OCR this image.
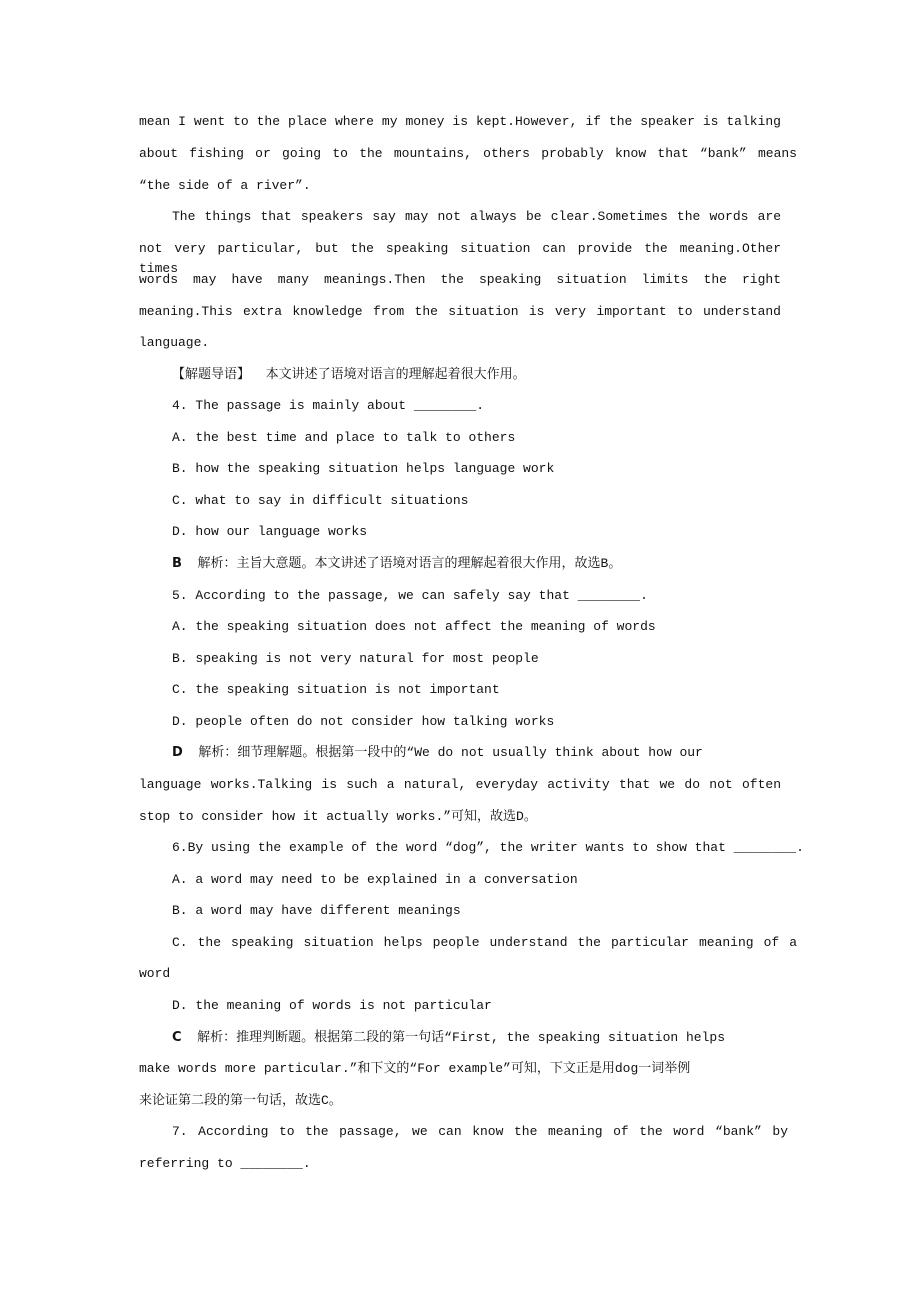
mean I went to the place where my money is kept.However, if the speaker is talking
about fishing or going to the mountains, others probably know that “bank” means
“the side of a river”.
The things that speakers say may not always be clear.Sometimes the words are
not very particular, but the speaking situation can provide the meaning.Other times
words may have many meanings.Then the speaking situation limits the right
meaning.This extra knowledge from the situation is very important to understand
language.
【解题导语】 本文讲述了语境对语言的理解起着很大作用。
4. The passage is mainly about ________.
A. the best time and place to talk to others
B. how the speaking situation helps language work
C. what to say in difficult situations
D. how our language works
B 解析：主旨大意题。本文讲述了语境对语言的理解起着很大作用，故选B。
5. According to the passage, we can safely say that ________.
A. the speaking situation does not affect the meaning of words
B. speaking is not very natural for most people
C. the speaking situation is not important
D. people often do not consider how talking works
D 解析：细节理解题。根据第一段中的“We do not usually think about how our
language works.Talking is such a natural, everyday activity that we do not often
stop to consider how it actually works.”可知，故选D。
6.By using the example of the word “dog”, the writer wants to show that ________.
A. a word may need to be explained in a conversation
B. a word may have different meanings
C. the speaking situation helps people understand the particular meaning of a
word
D. the meaning of words is not particular
C 解析：推理判断题。根据第二段的第一句话“First, the speaking situation helps
make words more particular.”和下文的“For example”可知，下文正是用dog一词举例
来论证第二段的第一句话，故选C。
7. According to the passage, we can know the meaning of the word “bank” by
referring to ________.
